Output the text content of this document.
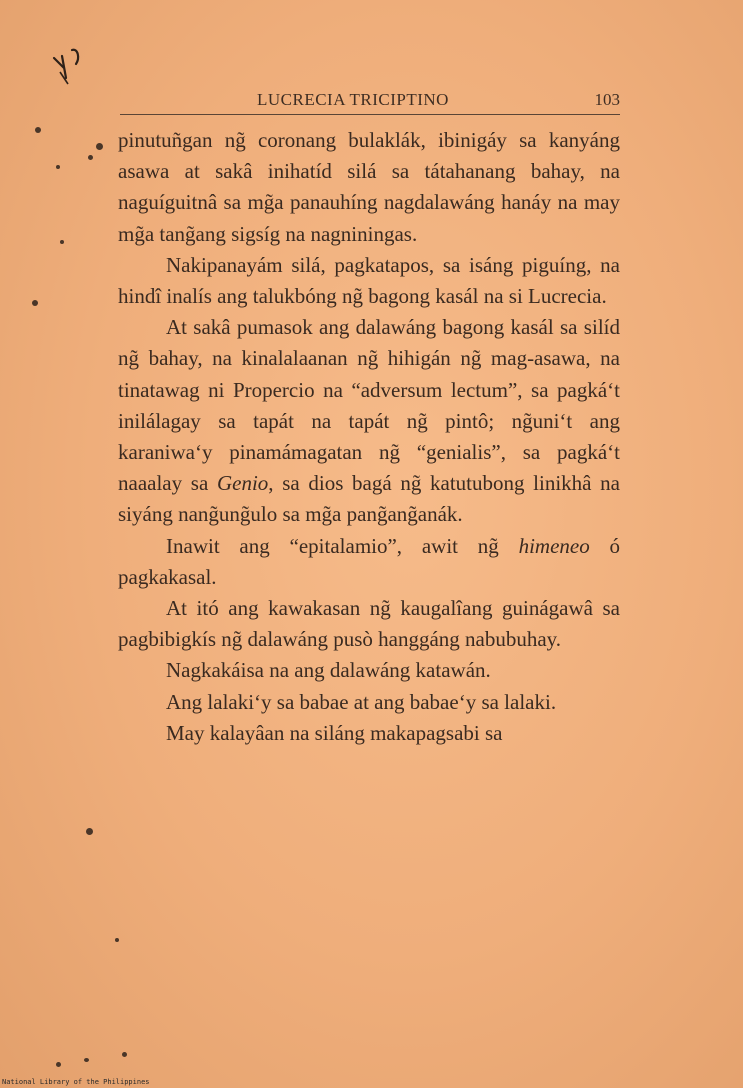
LUCRECIA TRICIPTINO	103

pinutuñgan ng̃ coronang bulaklák, ibinigáy sa kanyáng asawa at sakâ inihatíd silá sa tátahanang bahay, na naguíguitnâ sa mg̃a panauhíng nagdalawáng hanáy na may mg̃a tang̃ang sigsíg na nagniningas.

Nakipanayám silá, pagkatapos, sa isáng piguíng, na hindî inalís ang talukbóng ng̃ bagong kasál na si Lucrecia.

At sakâ pumasok ang dalawáng bagong kasál sa silíd ng̃ bahay, na kinalalaanan ng̃ hihigán ng̃ mag-asawa, na tinatawag ni Propercio na “adversum lectum”, sa pagká‘t inilálagay sa tapát na tapát ng̃ pintô; ng̃uni‘t ang karaniwa‘y pinamámagatan ng̃ “genialis”, sa pagká‘t naaalay sa Genio, sa dios bagá ng̃ katutubong linikhâ na siyáng nang̃ung̃ulo sa mg̃a pang̃ang̃anák.

Inawit ang “epitalamio”, awit ng̃ himeneo ó pagkakasal.

At itó ang kawakasan ng̃ kaugalîang guinágawâ sa pagbibigkís ng̃ dalawáng pusò hanggáng nabubuhay.

Nagkakáisa na ang dalawáng katawán.

Ang lalaki‘y sa babae at ang babae‘y sa lalaki.

May kalayâan na siláng makapagsabi sa

National Library of the Philippines
